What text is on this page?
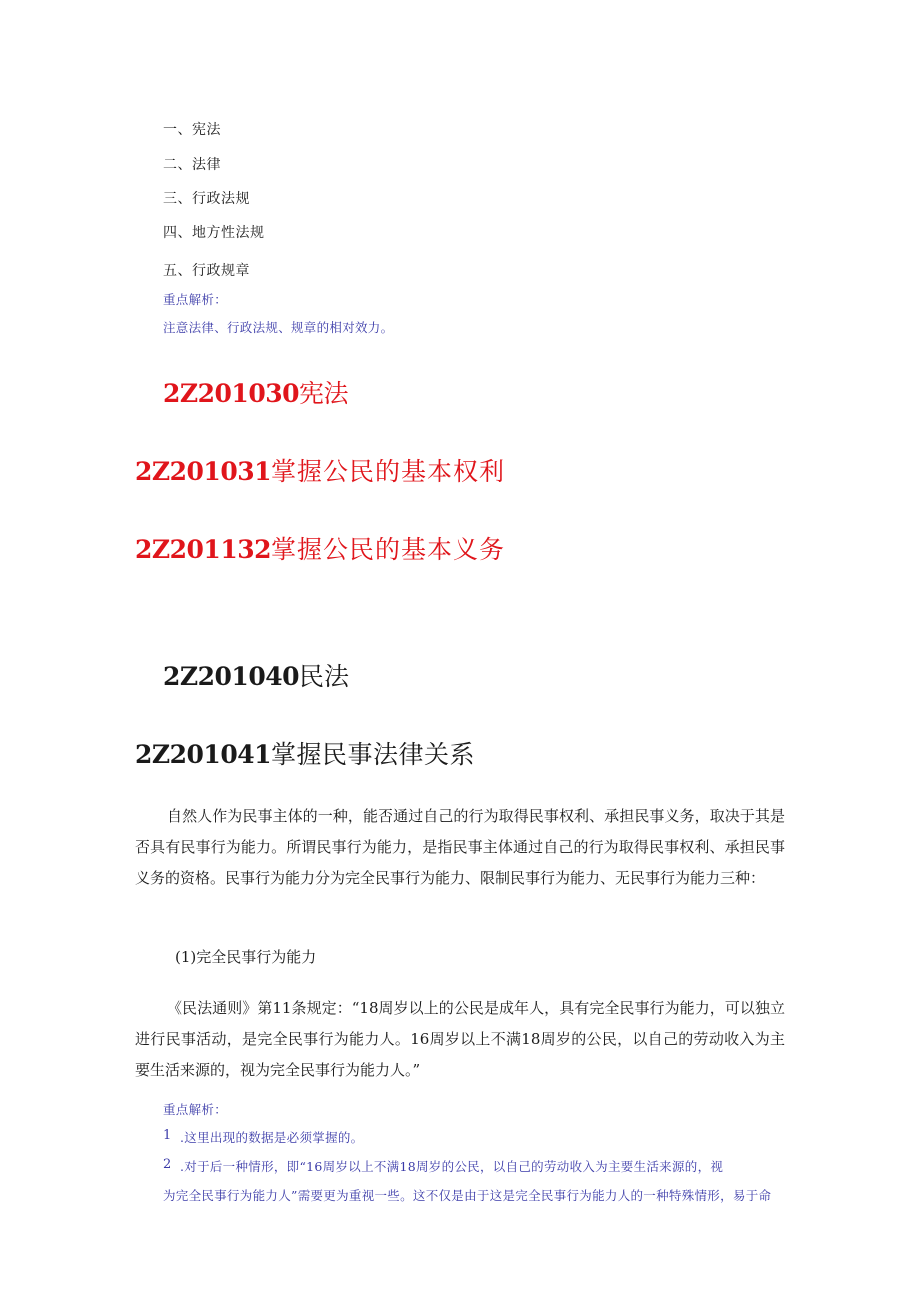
一、宪法
二、法律
三、行政法规
四、地方性法规
五、行政规章
重点解析：
注意法律、行政法规、规章的相对效力。
2Z201030宪法
2Z201031掌握公民的基本权利
2Z201132掌握公民的基本义务
2Z201040民法
2Z201041掌握民事法律关系
自然人作为民事主体的一种，能否通过自己的行为取得民事权利、承担民事义务，取决于其是否具有民事行为能力。所谓民事行为能力，是指民事主体通过自己的行为取得民事权利、承担民事义务的资格。民事行为能力分为完全民事行为能力、限制民事行为能力、无民事行为能力三种：
(1)完全民事行为能力
《民法通则》第11条规定：“18周岁以上的公民是成年人，具有完全民事行为能力，可以独立进行民事活动，是完全民事行为能力人。16周岁以上不满18周岁的公民，以自己的劳动收入为主要生活来源的，视为完全民事行为能力人。”
重点解析：
1 .这里出现的数据是必须掌握的。
2 .对于后一种情形，即“16周岁以上不满18周岁的公民，以自己的劳动收入为主要生活来源的，视
为完全民事行为能力人”需要更为重视一些。这不仅是由于这是完全民事行为能力人的一种特殊情形，易于命
